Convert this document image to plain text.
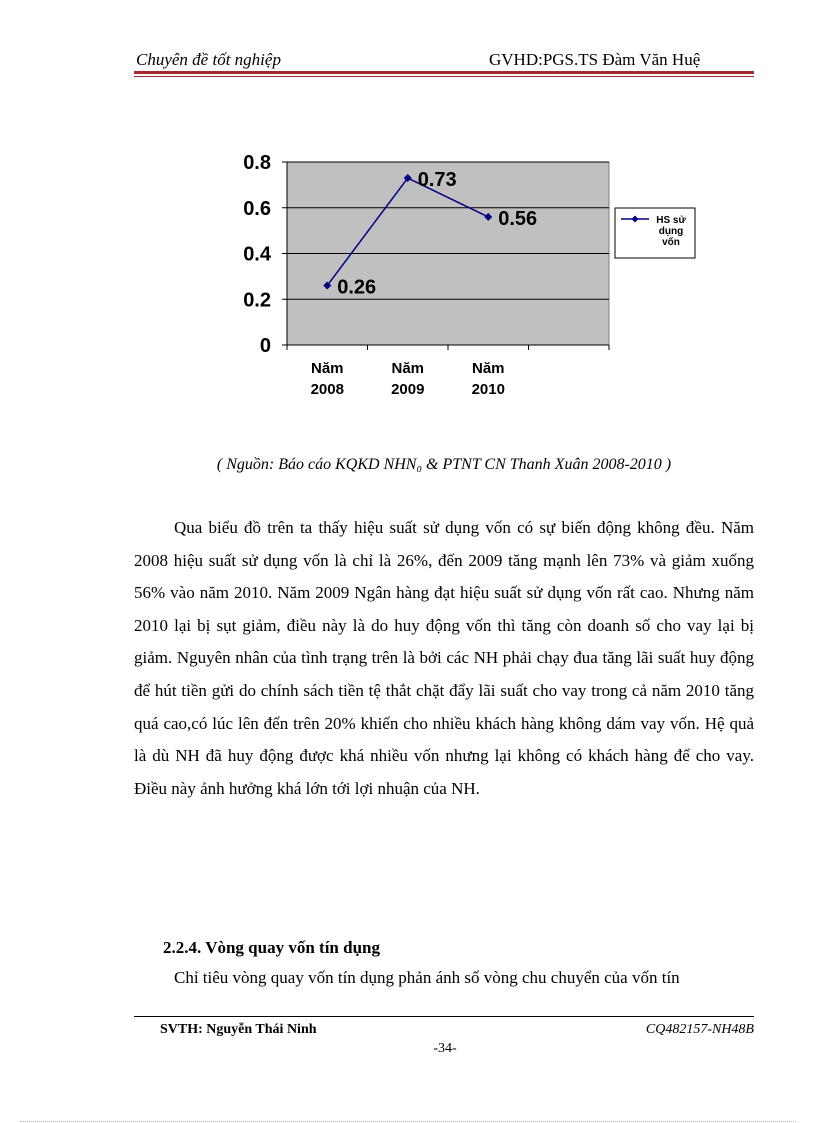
Chuyên đề tốt nghiệp	GVHD:PGS.TS Đàm Văn Huệ
0
0.2
0.4
0.6
0.8
Năm
2008
Năm
2009
Năm
2010
0.26
0.73
0.56	HS sử
dụng
vốn
( Nguồn: Báo cáo KQKD NHN₀ & PTNT CN Thanh Xuân 2008-2010 )

Qua biểu đồ trên ta thấy hiệu suất sử dụng vốn có sự biến động không đều. Năm 2008 hiệu suất sử dụng vốn là chỉ là 26%, đến 2009 tăng mạnh lên 73% và giảm xuống 56% vào năm 2010. Năm 2009 Ngân hàng đạt hiệu suất sử dụng vốn rất cao. Nhưng năm 2010 lại bị sụt giảm, điều này là do huy động vốn thì tăng còn doanh số cho vay lại bị giảm. Nguyên nhân của tình trạng trên là bởi các NH phải chạy đua tăng lãi suất huy động để hút tiền gửi do chính sách tiền tệ thắt chặt đẩy lãi suất cho vay trong cả năm 2010 tăng quá cao,có lúc lên đến trên 20% khiến cho nhiều khách hàng không dám vay vốn. Hệ quả là dù NH đã huy động được khá nhiều vốn nhưng lại không có khách hàng để cho vay. Điều này ảnh hưởng khá lớn tới lợi nhuận của NH.

2.2.4. Vòng quay vốn tín dụng

Chỉ tiêu vòng quay vốn tín dụng phản ánh số vòng chu chuyển của vốn tín

SVTH: Nguyễn Thái Ninh	CQ482157-NH48B
-34-
